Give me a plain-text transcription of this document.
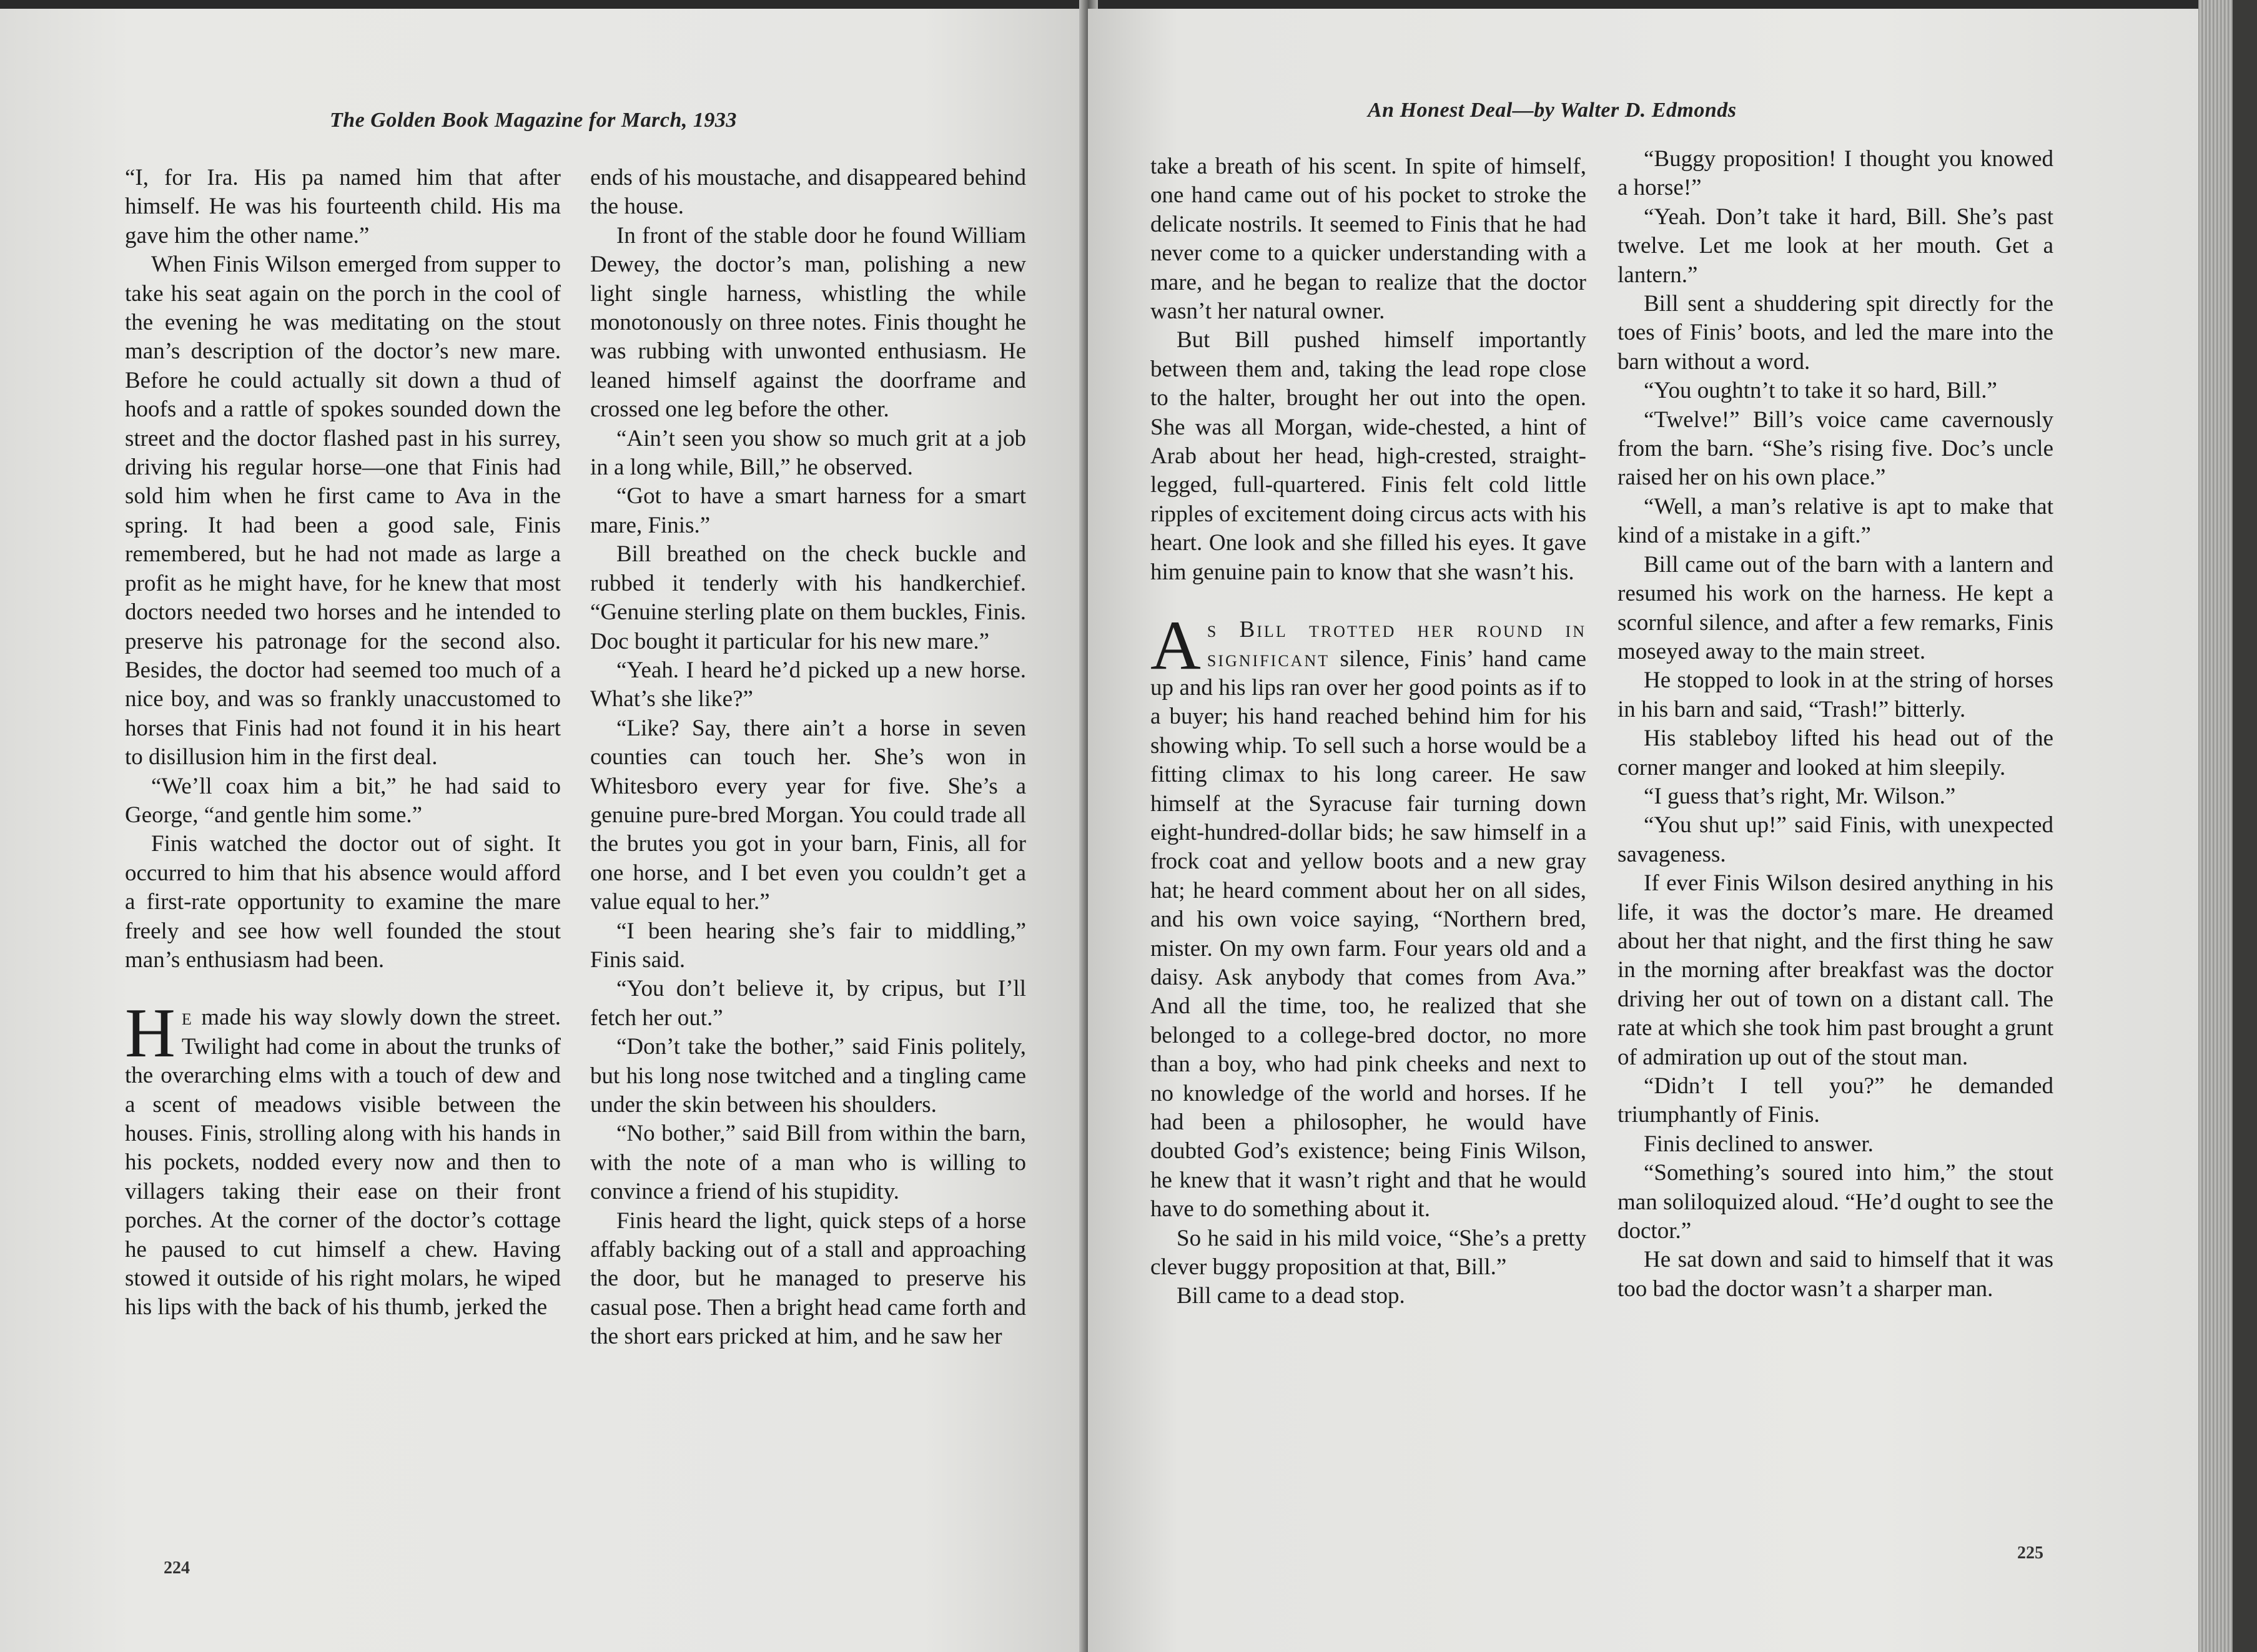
The Golden Book Magazine for March, 1933

“I, for Ira. His pa named him that after himself. He was his fourteenth child. His ma gave him the other name.”

When Finis Wilson emerged from supper to take his seat again on the porch in the cool of the evening he was meditating on the stout man’s description of the doctor’s new mare. Before he could actually sit down a thud of hoofs and a rattle of spokes sounded down the street and the doctor flashed past in his surrey, driving his regular horse—one that Finis had sold him when he first came to Ava in the spring. It had been a good sale, Finis remembered, but he had not made as large a profit as he might have, for he knew that most doctors needed two horses and he intended to preserve his patronage for the second also. Besides, the doctor had seemed too much of a nice boy, and was so frankly unaccustomed to horses that Finis had not found it in his heart to disillusion him in the first deal.

“We’ll coax him a bit,” he had said to George, “and gentle him some.”

Finis watched the doctor out of sight. It occurred to him that his absence would afford a first-rate opportunity to examine the mare freely and see how well founded the stout man’s enthusiasm had been.

He made his way slowly down the street. Twilight had come in about the trunks of the overarching elms with a touch of dew and a scent of meadows visible between the houses. Finis, strolling along with his hands in his pockets, nodded every now and then to villagers taking their ease on their front porches. At the corner of the doctor’s cottage he paused to cut himself a chew. Having stowed it outside of his right molars, he wiped his lips with the back of his thumb, jerked the

ends of his moustache, and disappeared behind the house.

In front of the stable door he found William Dewey, the doctor’s man, polishing a new light single harness, whistling the while monotonously on three notes. Finis thought he was rubbing with unwonted enthusiasm. He leaned himself against the doorframe and crossed one leg before the other.

“Ain’t seen you show so much grit at a job in a long while, Bill,” he observed.

“Got to have a smart harness for a smart mare, Finis.”

Bill breathed on the check buckle and rubbed it tenderly with his handkerchief. “Genuine sterling plate on them buckles, Finis. Doc bought it particular for his new mare.”

“Yeah. I heard he’d picked up a new horse. What’s she like?”

“Like? Say, there ain’t a horse in seven counties can touch her. She’s won in Whitesboro every year for five. She’s a genuine pure-bred Morgan. You could trade all the brutes you got in your barn, Finis, all for one horse, and I bet even you couldn’t get a value equal to her.”

“I been hearing she’s fair to middling,” Finis said.

“You don’t believe it, by cripus, but I’ll fetch her out.”

“Don’t take the bother,” said Finis politely, but his long nose twitched and a tingling came under the skin between his shoulders.

“No bother,” said Bill from within the barn, with the note of a man who is willing to convince a friend of his stupidity.

Finis heard the light, quick steps of a horse affably backing out of a stall and approaching the door, but he managed to preserve his casual pose. Then a bright head came forth and the short ears pricked at him, and he saw her

224
An Honest Deal—by Walter D. Edmonds

take a breath of his scent. In spite of himself, one hand came out of his pocket to stroke the delicate nostrils. It seemed to Finis that he had never come to a quicker understanding with a mare, and he began to realize that the doctor wasn’t her natural owner.

But Bill pushed himself importantly between them and, taking the lead rope close to the halter, brought her out into the open. She was all Morgan, wide-chested, a hint of Arab about her head, high-crested, straight-legged, full-quartered. Finis felt cold little ripples of excitement doing circus acts with his heart. One look and she filled his eyes. It gave him genuine pain to know that she wasn’t his.

As Bill trotted her round in significant silence, Finis’ hand came up and his lips ran over her good points as if to a buyer; his hand reached behind him for his showing whip. To sell such a horse would be a fitting climax to his long career. He saw himself at the Syracuse fair turning down eight-hundred-dollar bids; he saw himself in a frock coat and yellow boots and a new gray hat; he heard comment about her on all sides, and his own voice saying, “Northern bred, mister. On my own farm. Four years old and a daisy. Ask anybody that comes from Ava.” And all the time, too, he realized that she belonged to a college-bred doctor, no more than a boy, who had pink cheeks and next to no knowledge of the world and horses. If he had been a philosopher, he would have doubted God’s existence; being Finis Wilson, he knew that it wasn’t right and that he would have to do something about it.

So he said in his mild voice, “She’s a pretty clever buggy proposition at that, Bill.”

Bill came to a dead stop.

“Buggy proposition! I thought you knowed a horse!”

“Yeah. Don’t take it hard, Bill. She’s past twelve. Let me look at her mouth. Get a lantern.”

Bill sent a shuddering spit directly for the toes of Finis’ boots, and led the mare into the barn without a word.

“You oughtn’t to take it so hard, Bill.”

“Twelve!” Bill’s voice came cavernously from the barn. “She’s rising five. Doc’s uncle raised her on his own place.”

“Well, a man’s relative is apt to make that kind of a mistake in a gift.”

Bill came out of the barn with a lantern and resumed his work on the harness. He kept a scornful silence, and after a few remarks, Finis moseyed away to the main street.

He stopped to look in at the string of horses in his barn and said, “Trash!” bitterly.

His stableboy lifted his head out of the corner manger and looked at him sleepily.

“I guess that’s right, Mr. Wilson.”

“You shut up!” said Finis, with unexpected savageness.

If ever Finis Wilson desired anything in his life, it was the doctor’s mare. He dreamed about her that night, and the first thing he saw in the morning after breakfast was the doctor driving her out of town on a distant call. The rate at which she took him past brought a grunt of admiration up out of the stout man.

“Didn’t I tell you?” he demanded triumphantly of Finis.

Finis declined to answer.

“Something’s soured into him,” the stout man soliloquized aloud. “He’d ought to see the doctor.”

He sat down and said to himself that it was too bad the doctor wasn’t a sharper man.

225
